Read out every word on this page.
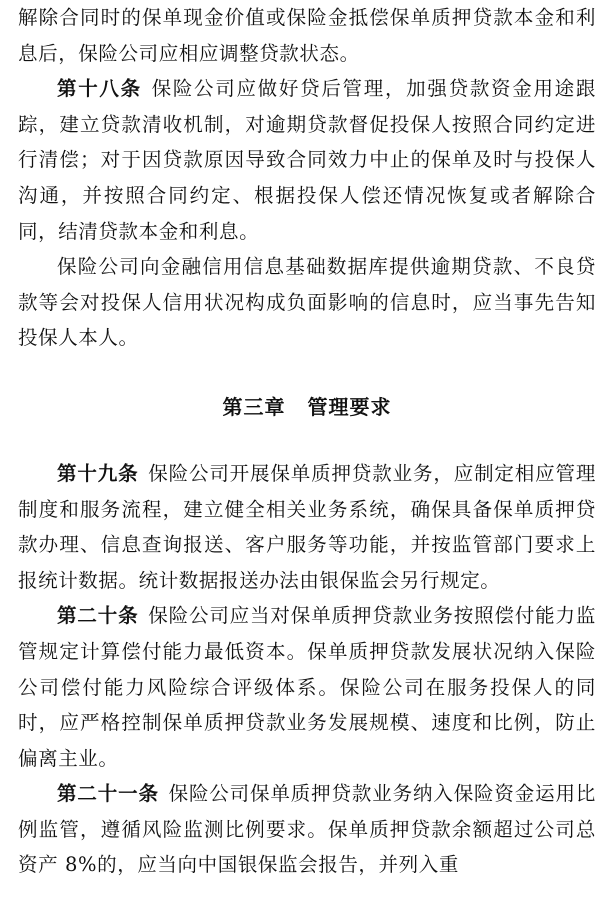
解除合同时的保单现金价值或保险金抵偿保单质押贷款本金和利息后，保险公司应相应调整贷款状态。

第十八条 保险公司应做好贷后管理，加强贷款资金用途跟踪，建立贷款清收机制，对逾期贷款督促投保人按照合同约定进行清偿；对于因贷款原因导致合同效力中止的保单及时与投保人沟通，并按照合同约定、根据投保人偿还情况恢复或者解除合同，结清贷款本金和利息。

保险公司向金融信用信息基础数据库提供逾期贷款、不良贷款等会对投保人信用状况构成负面影响的信息时，应当事先告知投保人本人。

第三章 管理要求

第十九条 保险公司开展保单质押贷款业务，应制定相应管理制度和服务流程，建立健全相关业务系统，确保具备保单质押贷款办理、信息查询报送、客户服务等功能，并按监管部门要求上报统计数据。统计数据报送办法由银保监会另行规定。

第二十条 保险公司应当对保单质押贷款业务按照偿付能力监管规定计算偿付能力最低资本。保单质押贷款发展状况纳入保险公司偿付能力风险综合评级体系。保险公司在服务投保人的同时，应严格控制保单质押贷款业务发展规模、速度和比例，防止偏离主业。

第二十一条 保险公司保单质押贷款业务纳入保险资金运用比例监管，遵循风险监测比例要求。保单质押贷款余额超过公司总资产 8%的，应当向中国银保监会报告，并列入重
